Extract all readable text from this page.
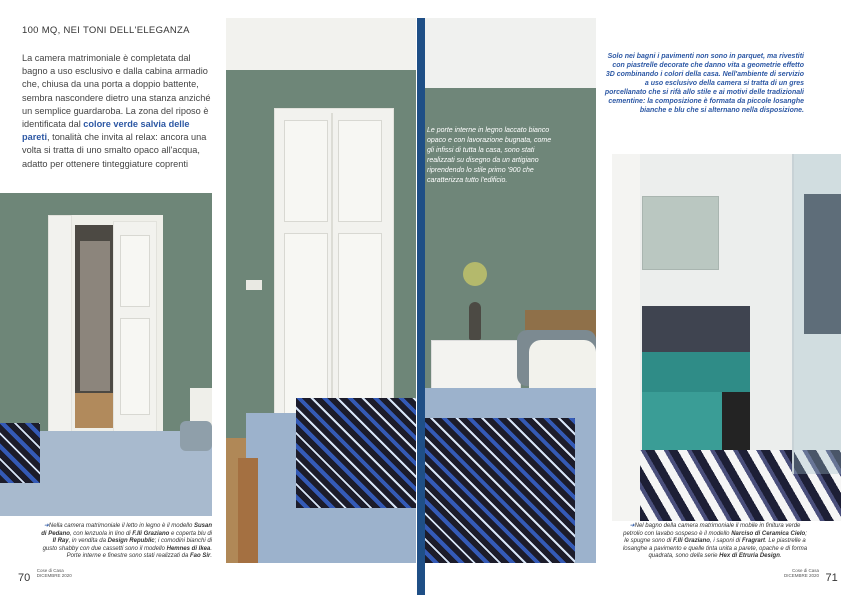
100 MQ, NEI TONI DELL'ELEGANZA
La camera matrimoniale è completata dal bagno a uso esclusivo e dalla cabina armadio che, chiusa da una porta a doppio battente, sembra nascondere dietro una stanza anziché un semplice guardaroba. La zona del riposo è identificata dal colore verde salvia delle pareti, tonalità che invita al relax: ancora una volta si tratta di uno smalto opaco all'acqua, adatto per ottenere tinteggiature coprenti
Le porte interne in legno laccato bianco opaco e con lavorazione bugnata, come gli infissi di tutta la casa, sono stati realizzati su disegno da un artigiano riprendendo lo stile primo '900 che caratterizza tutto l'edificio.
Solo nei bagni i pavimenti non sono in parquet, ma rivestiti con piastrelle decorate che danno vita a geometrie effetto 3D combinando i colori della casa. Nell'ambiente di servizio a uso esclusivo della camera si tratta di un gres porcellanato che si rifà allo stile e ai motivi delle tradizionali cementine: la composizione è formata da piccole losanghe bianche e blu che si alternano nella disposizione.
➜Nella camera matrimoniale il letto in legno è il modello Susan di Pedano, con lenzuola in lino di F.lli Graziano e coperta blu di Il Ray, in vendita da Design Republic; i comodini bianchi di gusto shabby con due cassetti sono il modello Hemnes di Ikea. Porte interne e finestre sono stati realizzati da Fao Sir.
➜Nel bagno della camera matrimoniale il mobile in finitura verde petrolio con lavabo sospeso è il modello Narciso di Ceramica Cielo; le spugne sono di F.lli Graziano, i saponi di Fragrart. Le piastrelle a losanghe a pavimento e quelle tinta unita a parete, opache e di forma quadrata, sono della serie Hex di Etruria Design.
70 Cose di Casa
DICEMBRE 2020
Cose di Casa
DICEMBRE 2020 71
